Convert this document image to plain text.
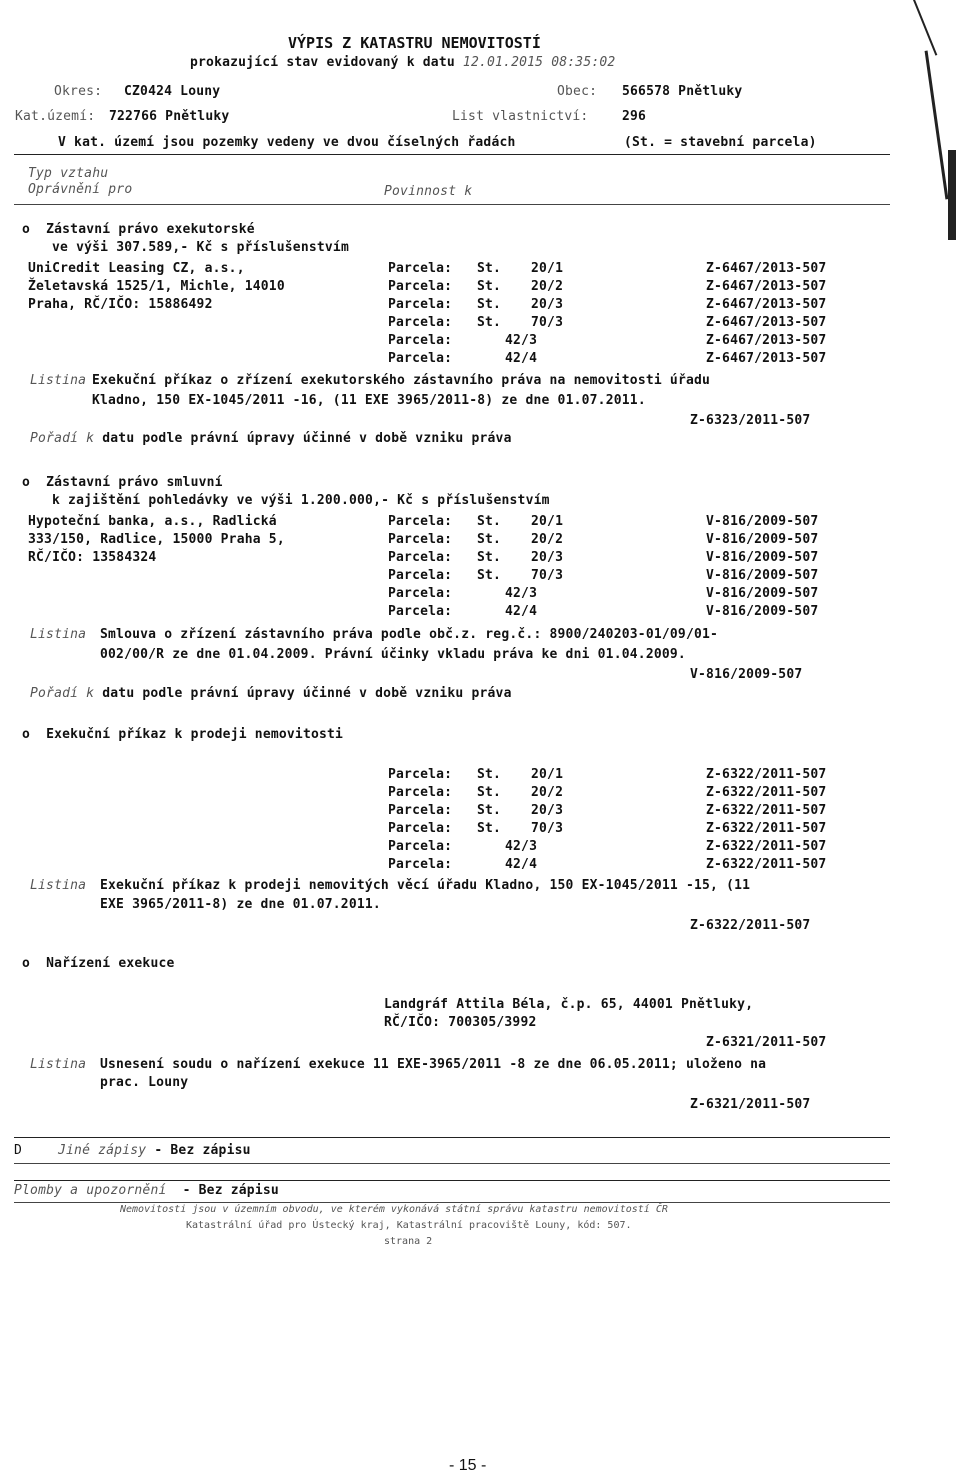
VÝPIS Z KATASTRU NEMOVITOSTÍ
prokazující stav evidovaný k datu 12.01.2015 08:35:02
Okres: CZ0424 Louny	Obec: 566578 Pnětluky
Kat.území: 722766 Pnětluky	List vlastnictví:	296
V kat. území jsou pozemky vedeny ve dvou číselných řadách	(St. = stavební parcela)
Typ vztahu
Oprávnění pro	Povinnost k
o Zástavní právo exekutorské
ve výši 307.589,- Kč s příslušenstvím
UniCredit Leasing CZ, a.s.,
Želetavská 1525/1, Michle, 14010
Praha, RČ/IČO: 15886492
Parcela: St. 20/1	Z-6467/2013-507
Parcela: St. 20/2	Z-6467/2013-507
Parcela: St. 20/3	Z-6467/2013-507
Parcela: St. 70/3	Z-6467/2013-507
Parcela:	42/3	Z-6467/2013-507
Parcela:	42/4	Z-6467/2013-507
Listina Exekuční příkaz o zřízení exekutorského zástavního práva na nemovitosti úřadu
Kladno, 150 EX-1045/2011 -16, (11 EXE 3965/2011-8) ze dne 01.07.2011.
Z-6323/2011-507
Pořadí k datu podle právní úpravy účinné v době vzniku práva
o Zástavní právo smluvní
k zajištění pohledávky ve výši 1.200.000,- Kč s příslušenstvím
Hypoteční banka, a.s., Radlická
333/150, Radlice, 15000 Praha 5,
RČ/IČO: 13584324
Parcela: St. 20/1	V-816/2009-507
Parcela: St. 20/2	V-816/2009-507
Parcela: St. 20/3	V-816/2009-507
Parcela: St. 70/3	V-816/2009-507
Parcela:	42/3	V-816/2009-507
Parcela:	42/4	V-816/2009-507
Listina Smlouva o zřízení zástavního práva podle obč.z. reg.č.: 8900/240203-01/09/01-
002/00/R ze dne 01.04.2009. Právní účinky vkladu práva ke dni 01.04.2009.
V-816/2009-507
Pořadí k datu podle právní úpravy účinné v době vzniku práva
o Exekuční příkaz k prodeji nemovitosti
Parcela: St. 20/1	Z-6322/2011-507
Parcela: St. 20/2	Z-6322/2011-507
Parcela: St. 20/3	Z-6322/2011-507
Parcela: St. 70/3	Z-6322/2011-507
Parcela:	42/3	Z-6322/2011-507
Parcela:	42/4	Z-6322/2011-507
Listina Exekuční příkaz k prodeji nemovitých věcí úřadu Kladno, 150 EX-1045/2011 -15, (11
EXE 3965/2011-8) ze dne 01.07.2011.
Z-6322/2011-507
o Nařízení exekuce
Landgráf Attila Béla, č.p. 65, 44001 Pnětluky,
RČ/IČO: 700305/3992
Z-6321/2011-507
Listina Usnesení soudu o nařízení exekuce 11 EXE-3965/2011 -8 ze dne 06.05.2011; uloženo na
prac. Louny
Z-6321/2011-507
D	Jiné zápisy - Bez zápisu
Plomby a upozornění - Bez zápisu
Nemovitosti jsou v územním obvodu, ve kterém vykonává státní správu katastru nemovitostí ČR
Katastrální úřad pro Ústecký kraj, Katastrální pracoviště Louny, kód: 507.
strana 2
- 15 -
